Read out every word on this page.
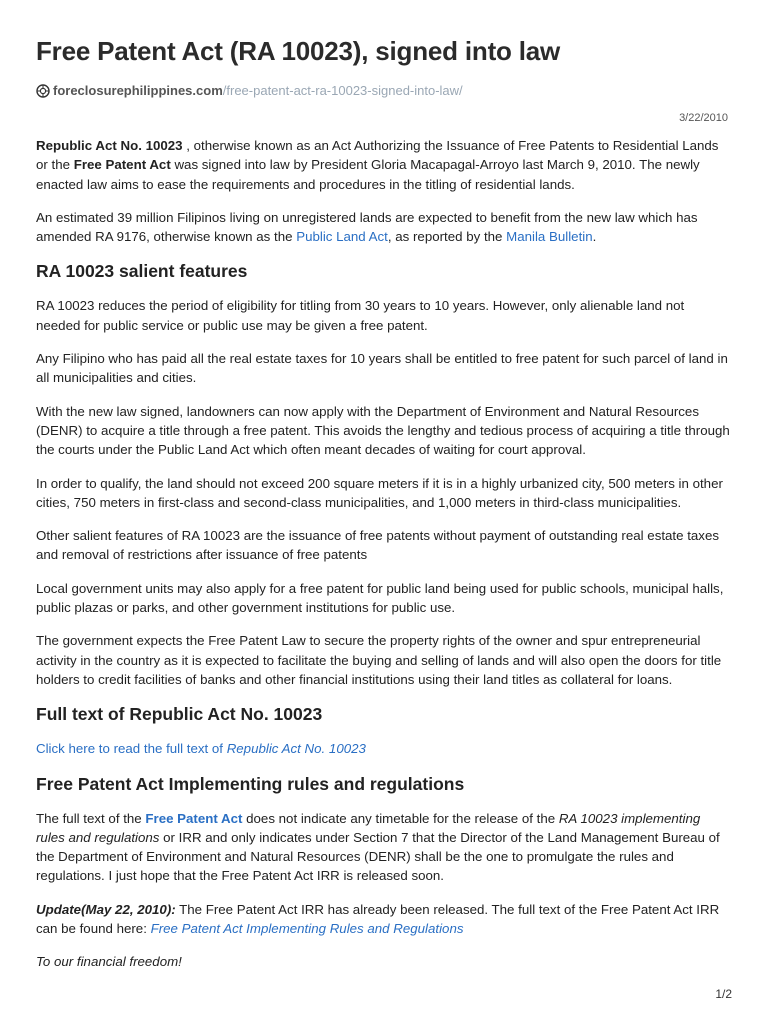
Free Patent Act (RA 10023), signed into law
foreclosurephilippines.com /free-patent-act-ra-10023-signed-into-law/
3/22/2010

Republic Act No. 10023 , otherwise known as an Act Authorizing the Issuance of Free Patents to Residential Lands or the Free Patent Act was signed into law by President Gloria Macapagal-Arroyo last March 9, 2010. The newly enacted law aims to ease the requirements and procedures in the titling of residential lands.

An estimated 39 million Filipinos living on unregistered lands are expected to benefit from the new law which has amended RA 9176, otherwise known as the Public Land Act, as reported by the Manila Bulletin.

RA 10023 salient features

RA 10023 reduces the period of eligibility for titling from 30 years to 10 years. However, only alienable land not needed for public service or public use may be given a free patent.

Any Filipino who has paid all the real estate taxes for 10 years shall be entitled to free patent for such parcel of land in all municipalities and cities.

With the new law signed, landowners can now apply with the Department of Environment and Natural Resources (DENR) to acquire a title through a free patent. This avoids the lengthy and tedious process of acquiring a title through the courts under the Public Land Act which often meant decades of waiting for court approval.

In order to qualify, the land should not exceed 200 square meters if it is in a highly urbanized city, 500 meters in other cities, 750 meters in first-class and second-class municipalities, and 1,000 meters in third-class municipalities.

Other salient features of RA 10023 are the issuance of free patents without payment of outstanding real estate taxes and removal of restrictions after issuance of free patents

Local government units may also apply for a free patent for public land being used for public schools, municipal halls, public plazas or parks, and other government institutions for public use.

The government expects the Free Patent Law to secure the property rights of the owner and spur entrepreneurial activity in the country as it is expected to facilitate the buying and selling of lands and will also open the doors for title holders to credit facilities of banks and other financial institutions using their land titles as collateral for loans.

Full text of Republic Act No. 10023

Click here to read the full text of Republic Act No. 10023

Free Patent Act Implementing rules and regulations

The full text of the Free Patent Act does not indicate any timetable for the release of the RA 10023 implementing rules and regulations or IRR and only indicates under Section 7 that the Director of the Land Management Bureau of the Department of Environment and Natural Resources (DENR) shall be the one to promulgate the rules and regulations. I just hope that the Free Patent Act IRR is released soon.

Update(May 22, 2010): The Free Patent Act IRR has already been released. The full text of the Free Patent Act IRR can be found here: Free Patent Act Implementing Rules and Regulations

To our financial freedom!

1/2
